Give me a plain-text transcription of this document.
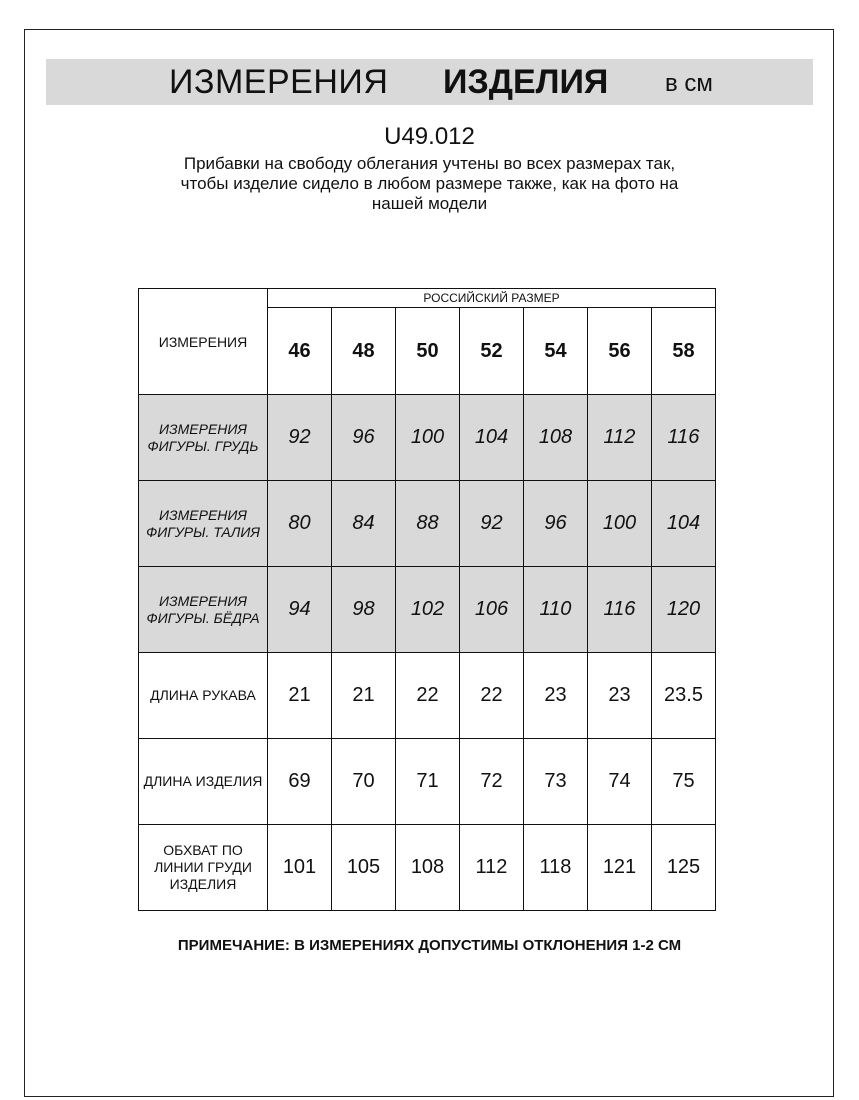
ИЗМЕРЕНИЯ ИЗДЕЛИЯ в см
U49.012
Прибавки на свободу облегания учтены во всех размерах так,
чтобы изделие сидело в любом размере также, как на фото на
нашей модели
ИЗМЕРЕНИЯ	РОССИЙСКИЙ РАЗМЕР						
	46	48	50	52	54	56	58

ИЗМЕРЕНИЯ
ФИГУРЫ. ГРУДЬ	92	96	100	104	108	112	116

ИЗМЕРЕНИЯ
ФИГУРЫ. ТАЛИЯ	80	84	88	92	96	100	104

ИЗМЕРЕНИЯ
ФИГУРЫ. БЁДРА	94	98	102	106	110	116	120

ДЛИНА РУКАВА	21	21	22	22	23	23	23.5

ДЛИНА ИЗДЕЛИЯ	69	70	71	72	73	74	75

ОБХВАТ ПО
ЛИНИИ ГРУДИ
ИЗДЕЛИЯ	101	105	108	112	118	121	125
ПРИМЕЧАНИЕ: В ИЗМЕРЕНИЯХ ДОПУСТИМЫ ОТКЛОНЕНИЯ 1-2 СМ
